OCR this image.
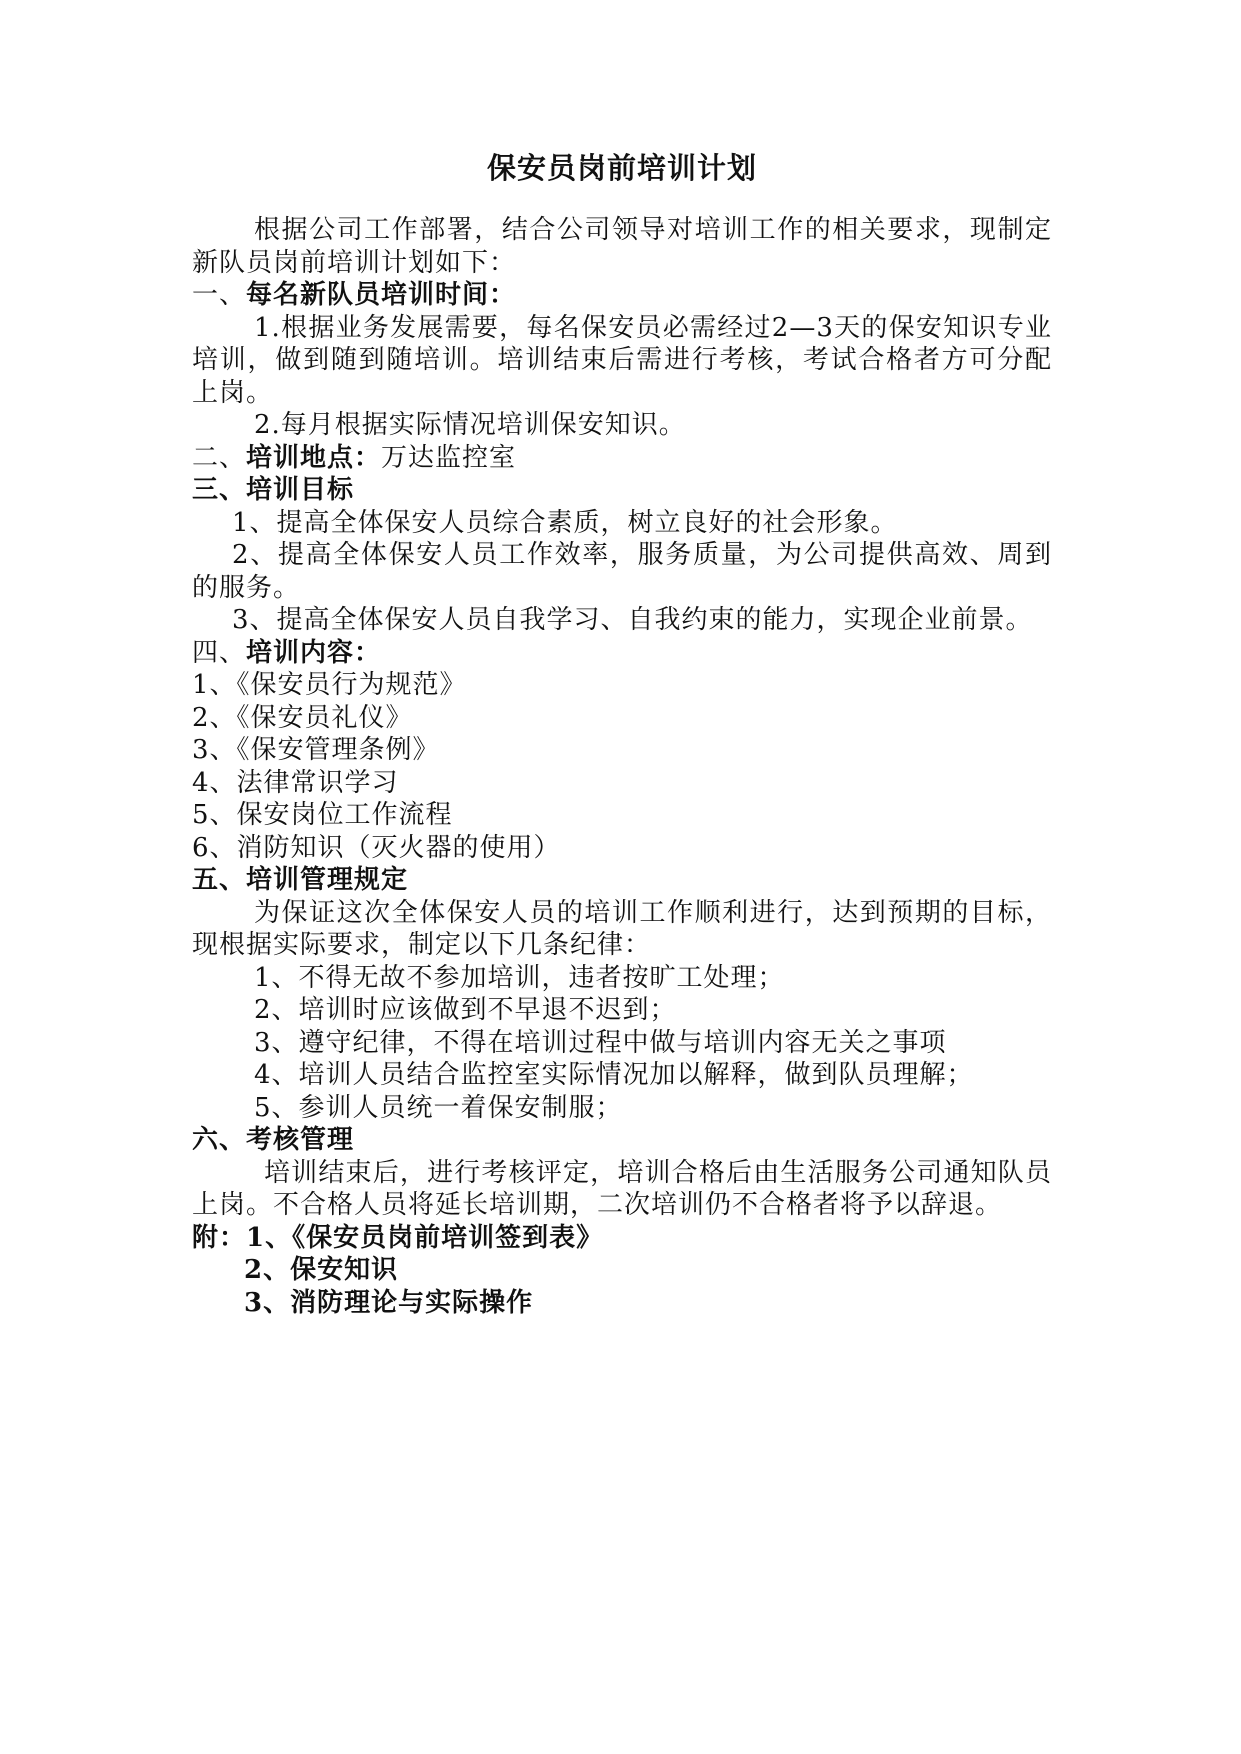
保安员岗前培训计划
根据公司工作部署，结合公司领导对培训工作的相关要求，现制定新队员岗前培训计划如下：
一、每名新队员培训时间：
1.根据业务发展需要，每名保安员必需经过2—3天的保安知识专业培训，做到随到随培训。培训结束后需进行考核，考试合格者方可分配上岗。
2.每月根据实际情况培训保安知识。
二、培训地点：万达监控室
三、培训目标
1、提高全体保安人员综合素质，树立良好的社会形象。
2、提高全体保安人员工作效率，服务质量，为公司提供高效、周到的服务。
3、提高全体保安人员自我学习、自我约束的能力，实现企业前景。
四、培训内容：
1、《保安员行为规范》
2、《保安员礼仪》
3、《保安管理条例》
4、法律常识学习
5、保安岗位工作流程
6、消防知识（灭火器的使用）
五、培训管理规定
为保证这次全体保安人员的培训工作顺利进行，达到预期的目标，现根据实际要求，制定以下几条纪律：
1、不得无故不参加培训，违者按旷工处理；
2、培训时应该做到不早退不迟到；
3、遵守纪律，不得在培训过程中做与培训内容无关之事项
4、培训人员结合监控室实际情况加以解释，做到队员理解；
5、参训人员统一着保安制服；
六、考核管理
培训结束后，进行考核评定，培训合格后由生活服务公司通知队员上岗。不合格人员将延长培训期，二次培训仍不合格者将予以辞退。
附：1、《保安员岗前培训签到表》
2、保安知识
3、消防理论与实际操作
